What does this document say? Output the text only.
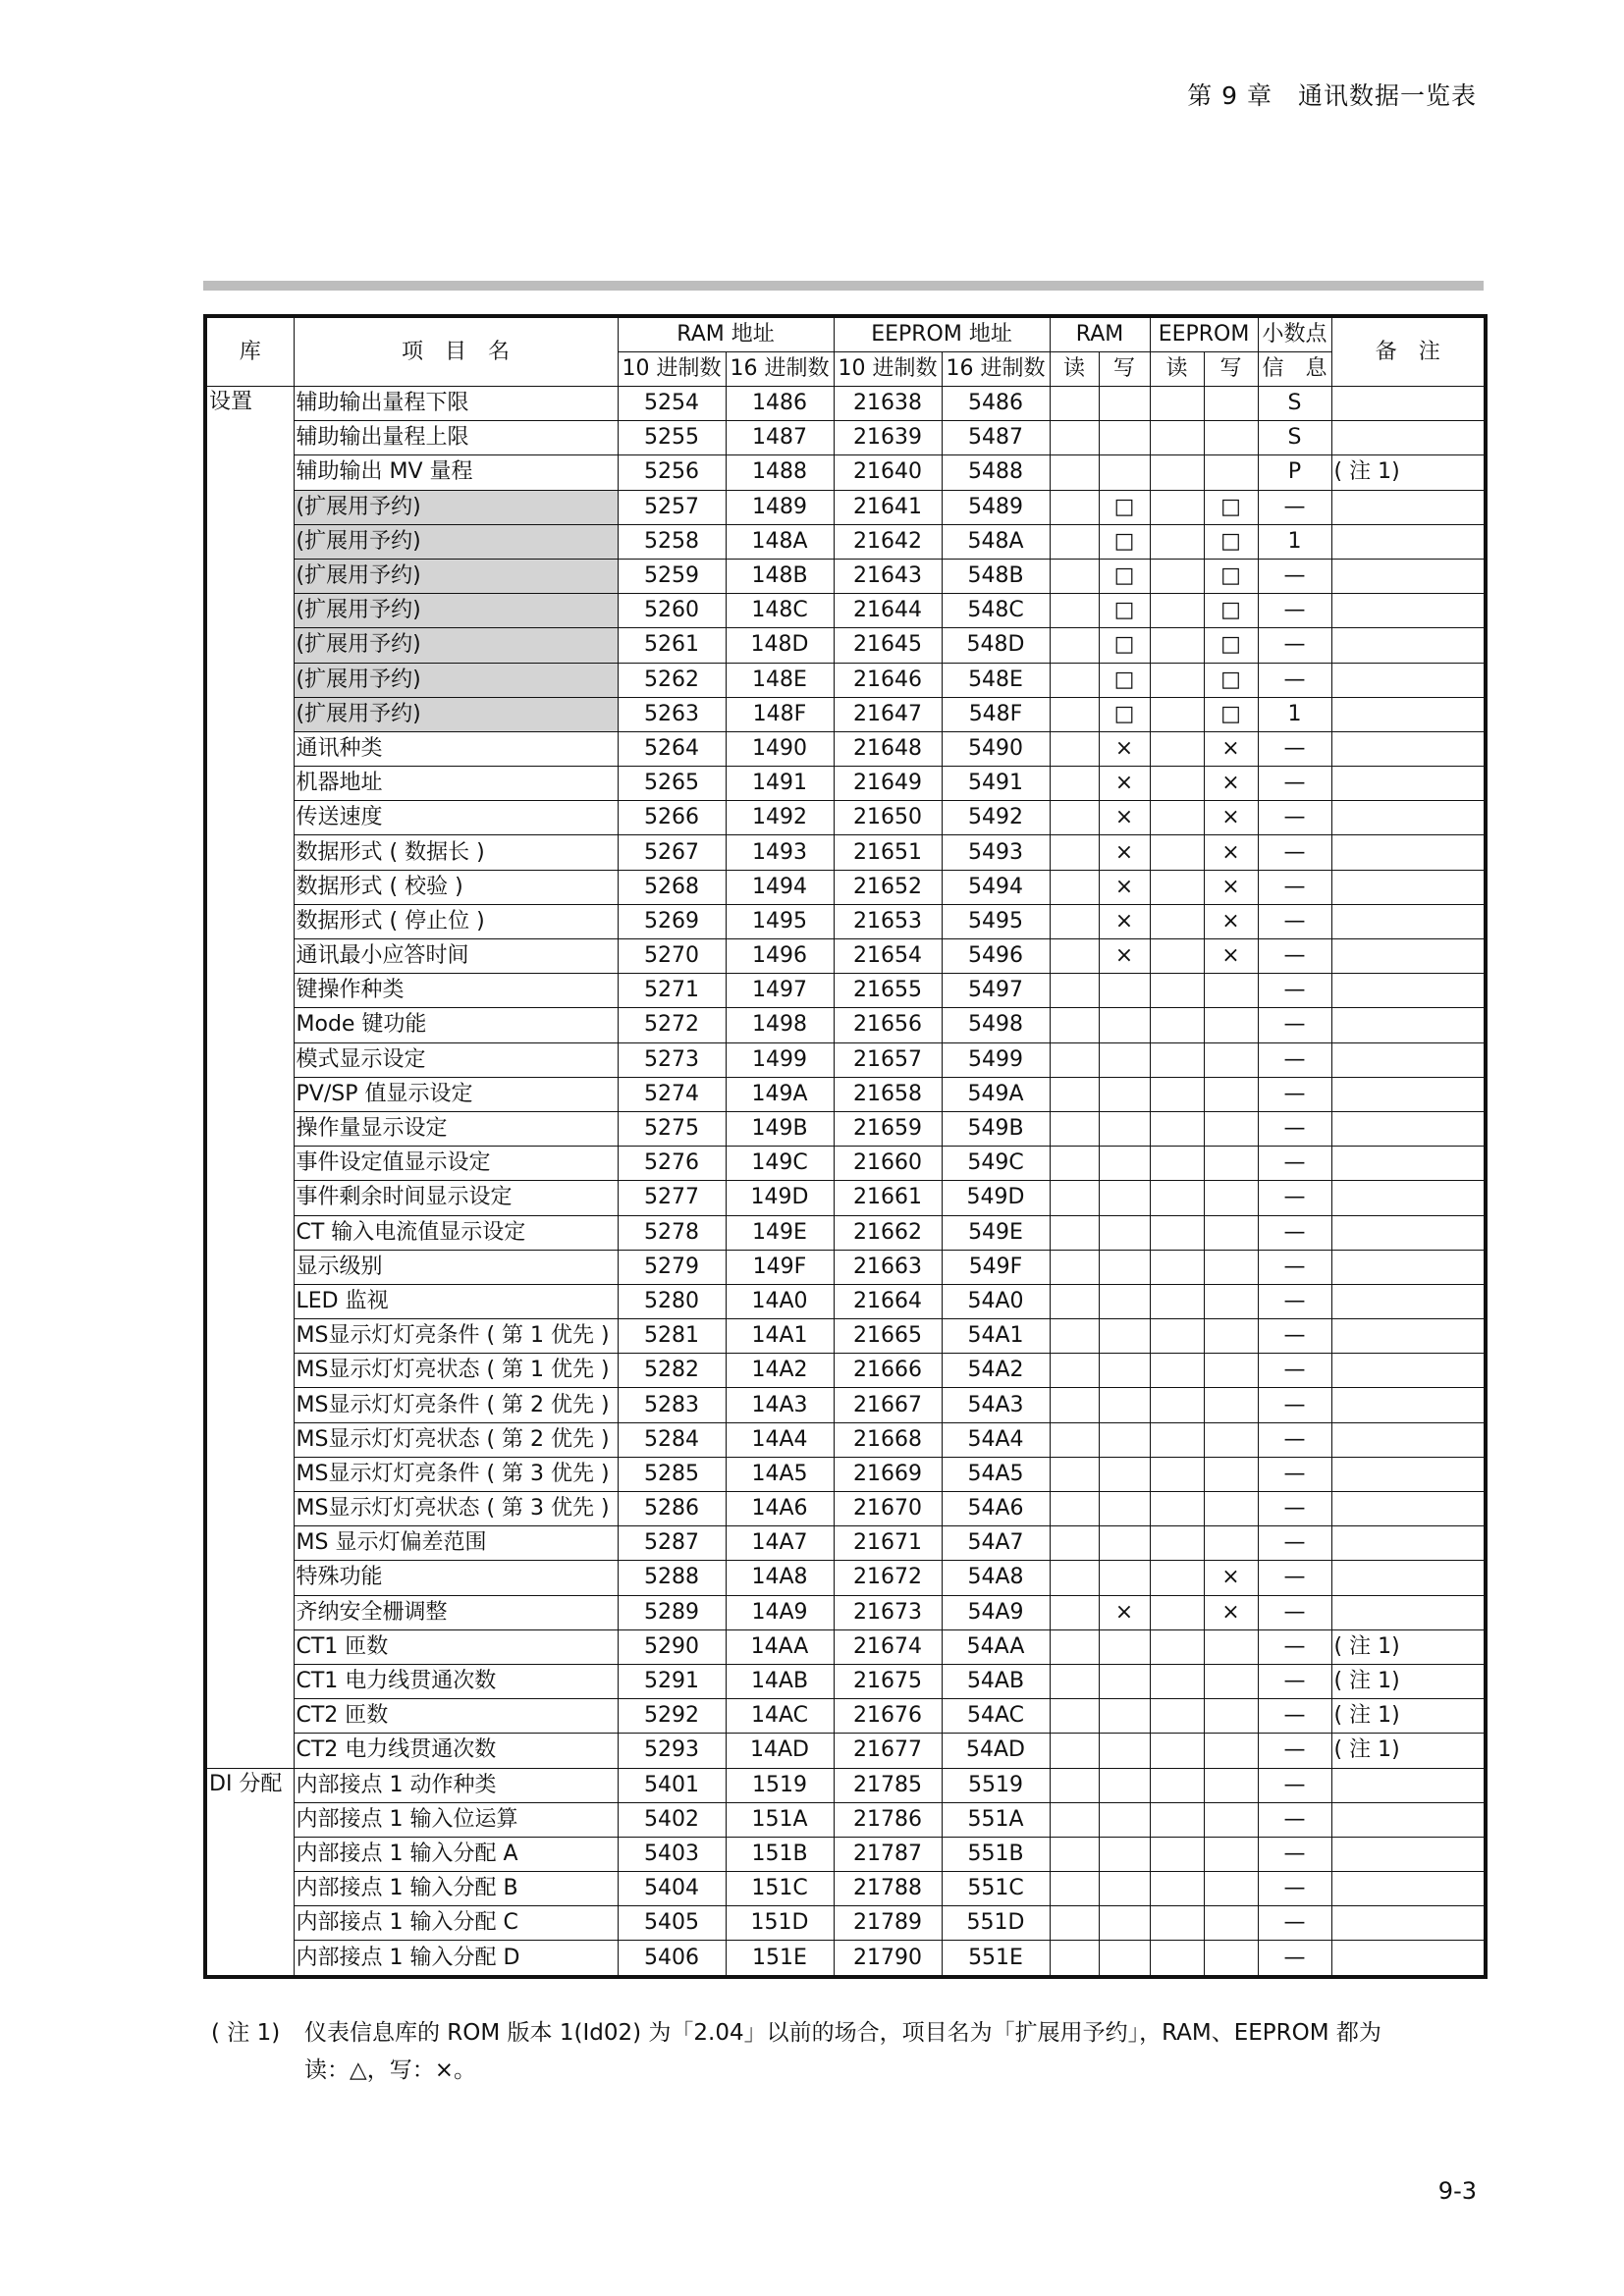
第 9 章　通讯数据一览表
库	项　目　名	RAM 地址		EEPROM 地址		RAM		EEPROM		小数点	备　注
		10 进制数	16 进制数	10 进制数	16 进制数	读	写	读	写	信　息	
设置	辅助输出量程下限	5254	1486	21638	5486					S	
	辅助输出量程上限	5255	1487	21639	5487					S	
	辅助输出 MV 量程	5256	1488	21640	5488					P	( 注 1)
	(扩展用予约)	5257	1489	21641	5489		□		□	—	
	(扩展用予约)	5258	148A	21642	548A		□		□	1	
	(扩展用予约)	5259	148B	21643	548B		□		□	—	
	(扩展用予约)	5260	148C	21644	548C		□		□	—	
	(扩展用予约)	5261	148D	21645	548D		□		□	—	
	(扩展用予约)	5262	148E	21646	548E		□		□	—	
	(扩展用予约)	5263	148F	21647	548F		□		□	1	
	通讯种类	5264	1490	21648	5490		×		×	—	
	机器地址	5265	1491	21649	5491		×		×	—	
	传送速度	5266	1492	21650	5492		×		×	—	
	数据形式 ( 数据长 )	5267	1493	21651	5493		×		×	—	
	数据形式 ( 校验 )	5268	1494	21652	5494		×		×	—	
	数据形式 ( 停止位 )	5269	1495	21653	5495		×		×	—	
	通讯最小应答时间	5270	1496	21654	5496		×		×	—	
	键操作种类	5271	1497	21655	5497					—	
	Mode 键功能	5272	1498	21656	5498					—	
	模式显示设定	5273	1499	21657	5499					—	
	PV/SP 值显示设定	5274	149A	21658	549A					—	
	操作量显示设定	5275	149B	21659	549B					—	
	事件设定值显示设定	5276	149C	21660	549C					—	
	事件剩余时间显示设定	5277	149D	21661	549D					—	
	CT 输入电流值显示设定	5278	149E	21662	549E					—	
	显示级别	5279	149F	21663	549F					—	
	LED 监视	5280	14A0	21664	54A0					—	
	MS显示灯灯亮条件 ( 第 1 优先 )	5281	14A1	21665	54A1					—	
	MS显示灯灯亮状态 ( 第 1 优先 )	5282	14A2	21666	54A2					—	
	MS显示灯灯亮条件 ( 第 2 优先 )	5283	14A3	21667	54A3					—	
	MS显示灯灯亮状态 ( 第 2 优先 )	5284	14A4	21668	54A4					—	
	MS显示灯灯亮条件 ( 第 3 优先 )	5285	14A5	21669	54A5					—	
	MS显示灯灯亮状态 ( 第 3 优先 )	5286	14A6	21670	54A6					—	
	MS 显示灯偏差范围	5287	14A7	21671	54A7					—	
	特殊功能	5288	14A8	21672	54A8				×	—	
	齐纳安全栅调整	5289	14A9	21673	54A9		×		×	—	
	CT1 匝数	5290	14AA	21674	54AA					—	( 注 1)
	CT1 电力线贯通次数	5291	14AB	21675	54AB					—	( 注 1)
	CT2 匝数	5292	14AC	21676	54AC					—	( 注 1)
	CT2 电力线贯通次数	5293	14AD	21677	54AD					—	( 注 1)
DI 分配	内部接点 1 动作种类	5401	1519	21785	5519					—	
	内部接点 1 输入位运算	5402	151A	21786	551A					—	
	内部接点 1 输入分配 A	5403	151B	21787	551B					—	
	内部接点 1 输入分配 B	5404	151C	21788	551C					—	
	内部接点 1 输入分配 C	5405	151D	21789	551D					—	
	内部接点 1 输入分配 D	5406	151E	21790	551E					—	
( 注 1) 仪表信息库的 ROM 版本 1(Id02) 为「2.04」以前的场合，项目名为「扩展用予约」，RAM、EEPROM 都为
读：△，写：×。
9-3
